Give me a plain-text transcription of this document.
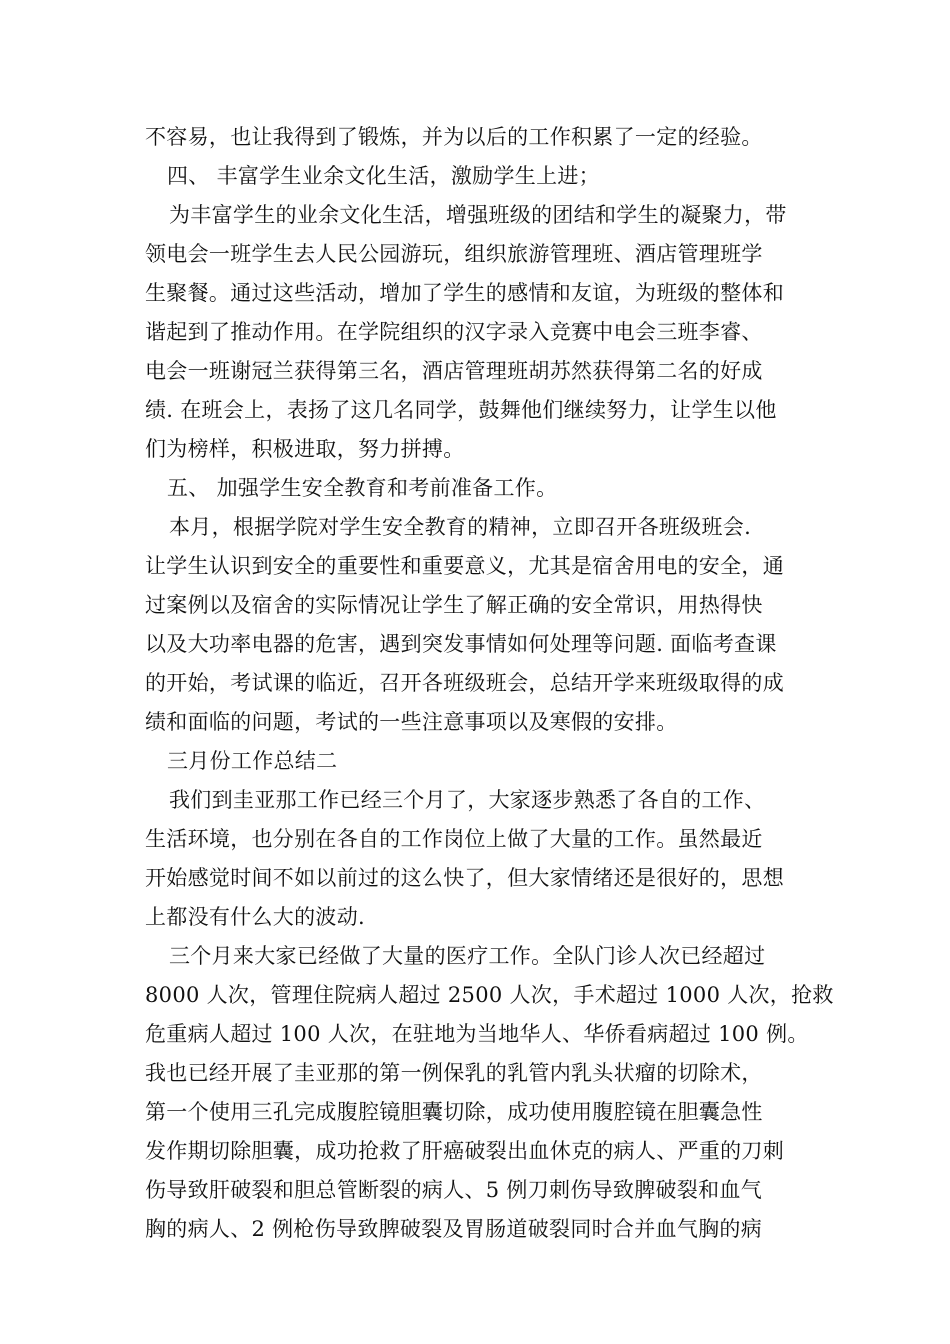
不容易，也让我得到了锻炼，并为以后的工作积累了一定的经验。
四、 丰富学生业余文化生活，激励学生上进；
为丰富学生的业余文化生活，增强班级的团结和学生的凝聚力，带
领电会一班学生去人民公园游玩，组织旅游管理班、酒店管理班学
生聚餐。通过这些活动，增加了学生的感情和友谊，为班级的整体和
谐起到了推动作用。在学院组织的汉字录入竞赛中电会三班李睿、
电会一班谢冠兰获得第三名，酒店管理班胡苏然获得第二名的好成
绩. 在班会上，表扬了这几名同学，鼓舞他们继续努力，让学生以他
们为榜样，积极进取，努力拼搏。
五、 加强学生安全教育和考前准备工作。
本月，根据学院对学生安全教育的精神，立即召开各班级班会.
让学生认识到安全的重要性和重要意义，尤其是宿舍用电的安全，通
过案例以及宿舍的实际情况让学生了解正确的安全常识，用热得快
以及大功率电器的危害，遇到突发事情如何处理等问题. 面临考查课
的开始，考试课的临近，召开各班级班会，总结开学来班级取得的成
绩和面临的问题，考试的一些注意事项以及寒假的安排。
三月份工作总结二
我们到圭亚那工作已经三个月了，大家逐步熟悉了各自的工作、
生活环境，也分别在各自的工作岗位上做了大量的工作。虽然最近
开始感觉时间不如以前过的这么快了，但大家情绪还是很好的，思想
上都没有什么大的波动.
三个月来大家已经做了大量的医疗工作。全队门诊人次已经超过
8000 人次，管理住院病人超过 2500 人次，手术超过 1000 人次，抢救
危重病人超过 100 人次，在驻地为当地华人、华侨看病超过 100 例。
我也已经开展了圭亚那的第一例保乳的乳管内乳头状瘤的切除术，
第一个使用三孔完成腹腔镜胆囊切除，成功使用腹腔镜在胆囊急性
发作期切除胆囊，成功抢救了肝癌破裂出血休克的病人、严重的刀刺
伤导致肝破裂和胆总管断裂的病人、5 例刀刺伤导致脾破裂和血气
胸的病人、2 例枪伤导致脾破裂及胃肠道破裂同时合并血气胸的病
